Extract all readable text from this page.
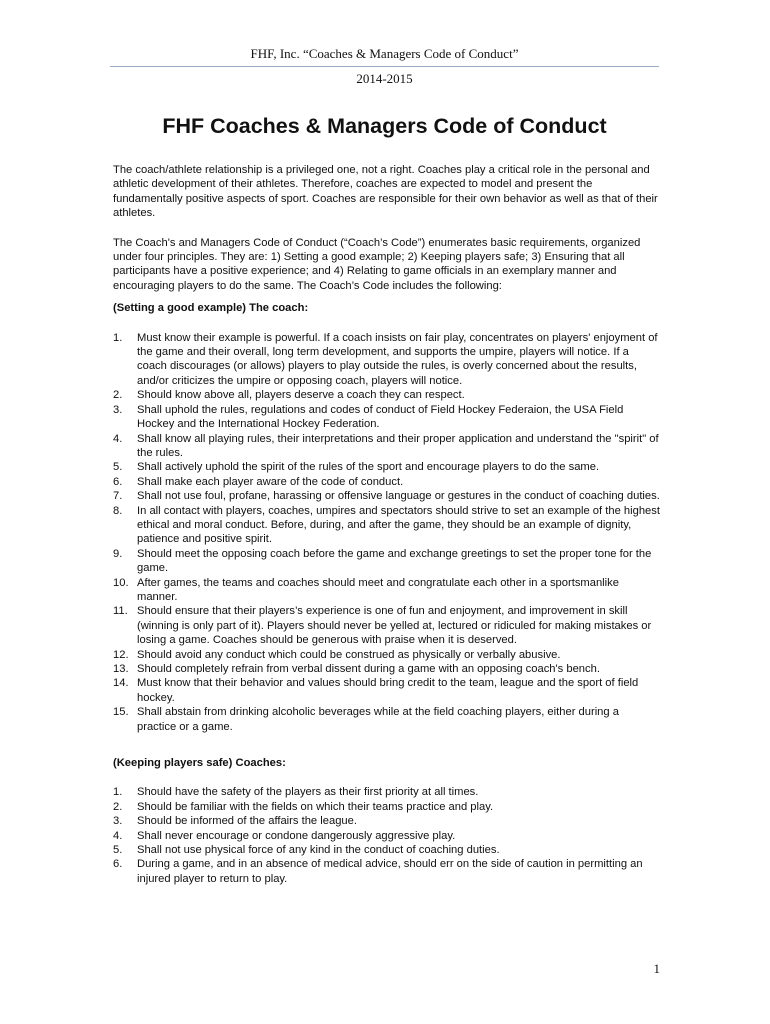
FHF, Inc. “Coaches & Managers Code of Conduct”
2014-2015
FHF Coaches & Managers Code of Conduct

The coach/athlete relationship is a privileged one, not a right. Coaches play a critical role in the personal and athletic development of their athletes. Therefore, coaches are expected to model and present the fundamentally positive aspects of sport. Coaches are responsible for their own behavior as well as that of their athletes.

The Coach's and Managers Code of Conduct (“Coach’s Code”) enumerates basic requirements, organized under four principles. They are: 1) Setting a good example; 2) Keeping players safe; 3) Ensuring that all participants have a positive experience; and 4) Relating to game officials in an exemplary manner and encouraging players to do the same. The Coach’s Code includes the following:

(Setting a good example) The coach:

1. Must know their example is powerful. If a coach insists on fair play, concentrates on players' enjoyment of the game and their overall, long term development, and supports the umpire, players will notice. If a coach discourages (or allows) players to play outside the rules, is overly concerned about the results, and/or criticizes the umpire or opposing coach, players will notice.
2. Should know above all, players deserve a coach they can respect.
3. Shall uphold the rules, regulations and codes of conduct of Field Hockey Federaion, the USA Field Hockey and the International Hockey Federation.
4. Shall know all playing rules, their interpretations and their proper application and understand the "spirit" of the rules.
5. Shall actively uphold the spirit of the rules of the sport and encourage players to do the same.
6. Shall make each player aware of the code of conduct.
7. Shall not use foul, profane, harassing or offensive language or gestures in the conduct of coaching duties.
8. In all contact with players, coaches, umpires and spectators should strive to set an example of the highest ethical and moral conduct. Before, during, and after the game, they should be an example of dignity, patience and positive spirit.
9. Should meet the opposing coach before the game and exchange greetings to set the proper tone for the game.
10. After games, the teams and coaches should meet and congratulate each other in a sportsmanlike manner.
11. Should ensure that their players’s experience is one of fun and enjoyment, and improvement in skill (winning is only part of it). Players should never be yelled at, lectured or ridiculed for making mistakes or losing a game. Coaches should be generous with praise when it is deserved.
12. Should avoid any conduct which could be construed as physically or verbally abusive.
13. Should completely refrain from verbal dissent during a game with an opposing coach's bench.
14. Must know that their behavior and values should bring credit to the team, league and the sport of field hockey.
15. Shall abstain from drinking alcoholic beverages while at the field coaching players, either during a practice or a game.

(Keeping players safe) Coaches:

1. Should have the safety of the players as their first priority at all times.
2. Should be familiar with the fields on which their teams practice and play.
3. Should be informed of the affairs the league.
4. Shall never encourage or condone dangerously aggressive play.
5. Shall not use physical force of any kind in the conduct of coaching duties.
6. During a game, and in an absence of medical advice, should err on the side of caution in permitting an injured player to return to play.
1
